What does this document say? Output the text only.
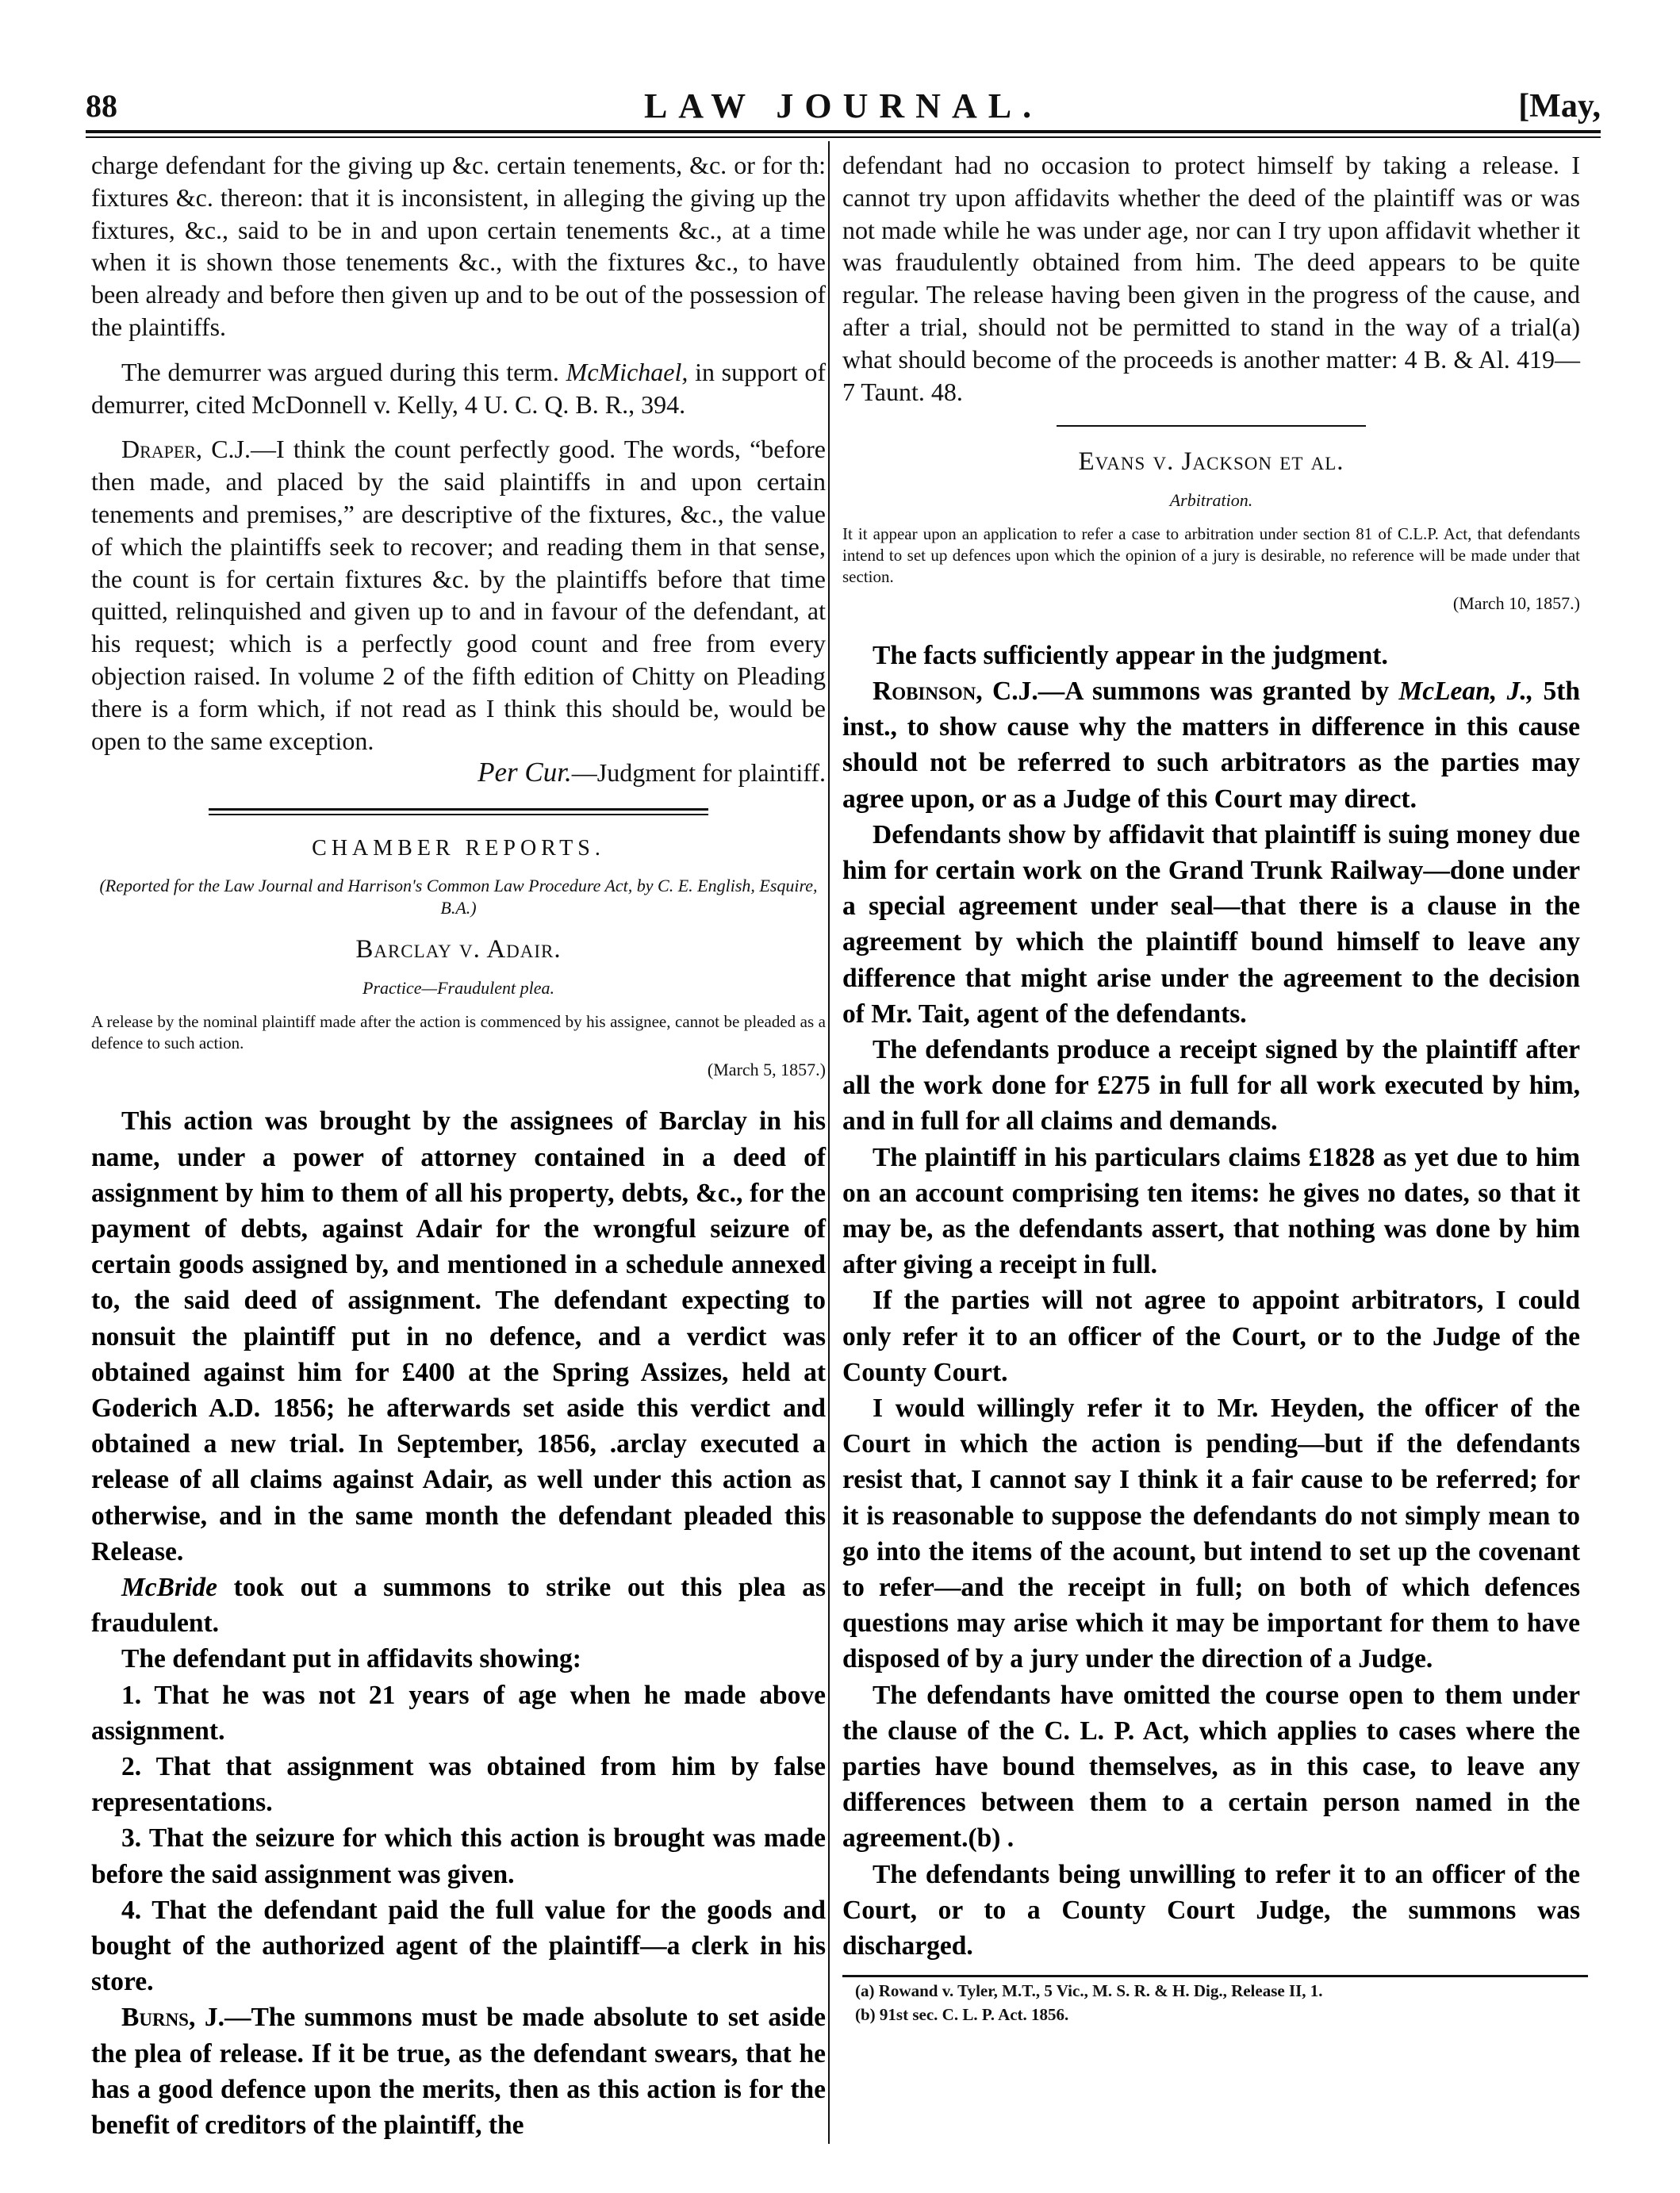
88	LAW JOURNAL.	[May,

charge defendant for the giving up &c. certain tenements, &c. or for th: fixtures &c. thereon: that it is inconsistent, in alleging the giving up the fixtures, &c., said to be in and upon certain tenements &c., at a time when it is shown those tenements &c., with the fixtures &c., to have been already and before then given up and to be out of the possession of the plaintiffs.

The demurrer was argued during this term. McMichael, in support of demurrer, cited McDonnell v. Kelly, 4 U. C. Q. B. R., 394.

Draper, C.J.—I think the count perfectly good. The words, “before then made, and placed by the said plaintiffs in and upon certain tenements and premises,” are descriptive of the fixtures, &c., the value of which the plaintiffs seek to recover; and reading them in that sense, the count is for certain fixtures &c. by the plaintiffs before that time quitted, relinquished and given up to and in favour of the defendant, at his request; which is a perfectly good count and free from every objection raised. In volume 2 of the fifth edition of Chitty on Pleading there is a form which, if not read as I think this should be, would be open to the same exception.

Per Cur.—Judgment for plaintiff.

CHAMBER REPORTS.
(Reported for the Law Journal and Harrison's Common Law Procedure Act, by C. E. English, Esquire, B.A.)
Barclay v. Adair.
Practice—Fraudulent plea.
A release by the nominal plaintiff made after the action is commenced by his assignee, cannot be pleaded as a defence to such action.
(March 5, 1857.)

This action was brought by the assignees of Barclay in his name, under a power of attorney contained in a deed of assignment by him to them of all his property, debts, &c., for the payment of debts, against Adair for the wrongful seizure of certain goods assigned by, and mentioned in a schedule annexed to, the said deed of assignment. The defendant expecting to nonsuit the plaintiff put in no defence, and a verdict was obtained against him for £400 at the Spring Assizes, held at Goderich A.D. 1856; he afterwards set aside this verdict and obtained a new trial. In September, 1856, .arclay executed a release of all claims against Adair, as well under this action as otherwise, and in the same month the defendant pleaded this Release.

McBride took out a summons to strike out this plea as fraudulent.

The defendant put in affidavits showing:

1. That he was not 21 years of age when he made above assignment.

2. That that assignment was obtained from him by false representations.

3. That the seizure for which this action is brought was made before the said assignment was given.

4. That the defendant paid the full value for the goods and bought of the authorized agent of the plaintiff—a clerk in his store.

Burns, J.—The summons must be made absolute to set aside the plea of release. If it be true, as the defendant swears, that he has a good defence upon the merits, then as this action is for the benefit of creditors of the plaintiff, the

defendant had no occasion to protect himself by taking a release. I cannot try upon affidavits whether the deed of the plaintiff was or was not made while he was under age, nor can I try upon affidavit whether it was fraudulently obtained from him. The deed appears to be quite regular. The release having been given in the progress of the cause, and after a trial, should not be permitted to stand in the way of a trial(a) what should become of the proceeds is another matter: 4 B. & Al. 419—7 Taunt. 48.

Evans v. Jackson et al.
Arbitration.
It it appear upon an application to refer a case to arbitration under section 81 of C.L.P. Act, that defendants intend to set up defences upon which the opinion of a jury is desirable, no reference will be made under that section.
(March 10, 1857.)

The facts sufficiently appear in the judgment.

Robinson, C.J.—A summons was granted by McLean, J., 5th inst., to show cause why the matters in difference in this cause should not be referred to such arbitrators as the parties may agree upon, or as a Judge of this Court may direct.

Defendants show by affidavit that plaintiff is suing money due him for certain work on the Grand Trunk Railway—done under a special agreement under seal—that there is a clause in the agreement by which the plaintiff bound himself to leave any difference that might arise under the agreement to the decision of Mr. Tait, agent of the defendants.

The defendants produce a receipt signed by the plaintiff after all the work done for £275 in full for all work executed by him, and in full for all claims and demands.

The plaintiff in his particulars claims £1828 as yet due to him on an account comprising ten items: he gives no dates, so that it may be, as the defendants assert, that nothing was done by him after giving a receipt in full.

If the parties will not agree to appoint arbitrators, I could only refer it to an officer of the Court, or to the Judge of the County Court.

I would willingly refer it to Mr. Heyden, the officer of the Court in which the action is pending—but if the defendants resist that, I cannot say I think it a fair cause to be referred; for it is reasonable to suppose the defendants do not simply mean to go into the items of the acount, but intend to set up the covenant to refer—and the receipt in full; on both of which defences questions may arise which it may be important for them to have disposed of by a jury under the direction of a Judge.

The defendants have omitted the course open to them under the clause of the C. L. P. Act, which applies to cases where the parties have bound themselves, as in this case, to leave any differences between them to a certain person named in the agreement.(b) .

The defendants being unwilling to refer it to an officer of the Court, or to a County Court Judge, the summons was discharged.

(a) Rowand v. Tyler, M.T., 5 Vic., M. S. R. & H. Dig., Release II, 1.
(b) 91st sec. C. L. P. Act. 1856.
